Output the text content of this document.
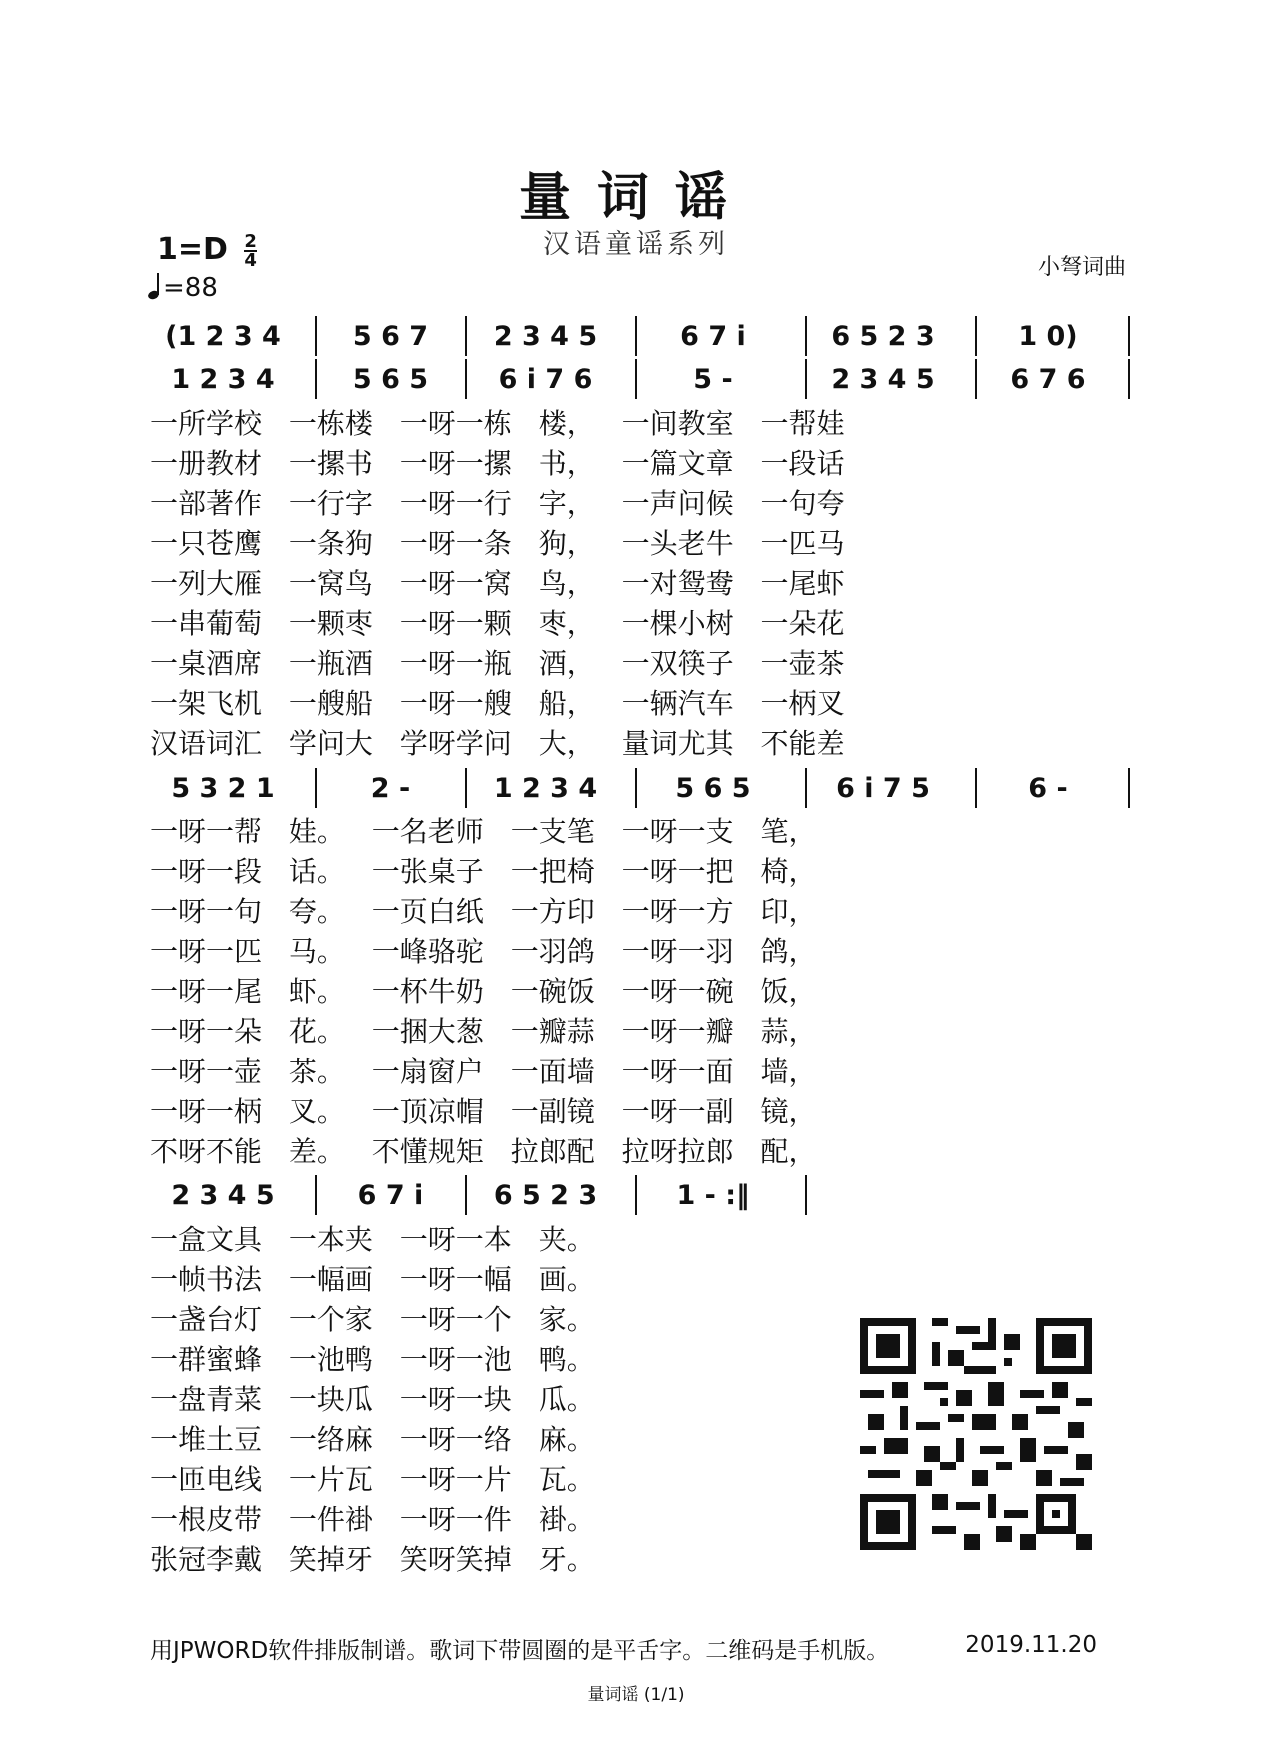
量词谣
汉语童谣系列
$1=D \frac{2}{4}$
=88
小弩词曲
(1 2 3 4	5 6 7	2 3 4 5	6 7 i	6 5 2 3	1 0)
1 2 3 4	5 6 5	6 i 7 6	5 -	2 3 4 5	6 7 6
一所学校 一栋楼 一呀一栋 楼， 一间教室 一帮娃
一册教材 一摞书 一呀一摞 书， 一篇文章 一段话
一部著作 一行字 一呀一行 字， 一声问候 一句夸
一只苍鹰 一条狗 一呀一条 狗， 一头老牛 一匹马
一列大雁 一窝鸟 一呀一窝 鸟， 一对鸳鸯 一尾虾
一串葡萄 一颗枣 一呀一颗 枣， 一棵小树 一朵花
一桌酒席 一瓶酒 一呀一瓶 酒， 一双筷子 一壶茶
一架飞机 一艘船 一呀一艘 船， 一辆汽车 一柄叉
汉语词汇 学问大 学呀学问 大， 量词尤其 不能差
5 3 2 1	2 -	1 2 3 4	5 6 5	6 i 7 5	6 -
一呀一帮 娃。 一名老师 一支笔 一呀一支 笔，
一呀一段 话。 一张桌子 一把椅 一呀一把 椅，
一呀一句 夸。 一页白纸 一方印 一呀一方 印，
一呀一匹 马。 一峰骆驼 一羽鸽 一呀一羽 鸽，
一呀一尾 虾。 一杯牛奶 一碗饭 一呀一碗 饭，
一呀一朵 花。 一捆大葱 一瓣蒜 一呀一瓣 蒜，
一呀一壶 茶。 一扇窗户 一面墙 一呀一面 墙，
一呀一柄 叉。 一顶凉帽 一副镜 一呀一副 镜，
不呀不能 差。 不懂规矩 拉郎配 拉呀拉郎 配，
2 3 4 5	6 7 i	6 5 2 3	1 - :‖
一盒文具 一本夹 一呀一本 夹。
一帧书法 一幅画 一呀一幅 画。
一盏台灯 一个家 一呀一个 家。
一群蜜蜂 一池鸭 一呀一池 鸭。
一盘青菜 一块瓜 一呀一块 瓜。
一堆土豆 一络麻 一呀一络 麻。
一匝电线 一片瓦 一呀一片 瓦。
一根皮带 一件褂 一呀一件 褂。
张冠李戴 笑掉牙 笑呀笑掉 牙。
用JPWORD软件排版制谱。歌词下带圆圈的是平舌字。二维码是手机版。	2019.11.20
量词谣 (1/1)
